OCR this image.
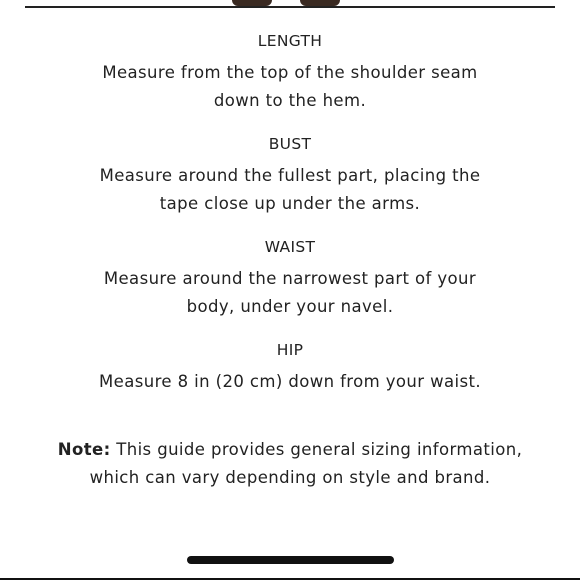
LENGTH
Measure from the top of the shoulder seam down to the hem.
BUST
Measure around the fullest part, placing the tape close up under the arms.
WAIST
Measure around the narrowest part of your body, under your navel.
HIP
Measure 8 in (20 cm) down from your waist.
Note: This guide provides general sizing information, which can vary depending on style and brand.
